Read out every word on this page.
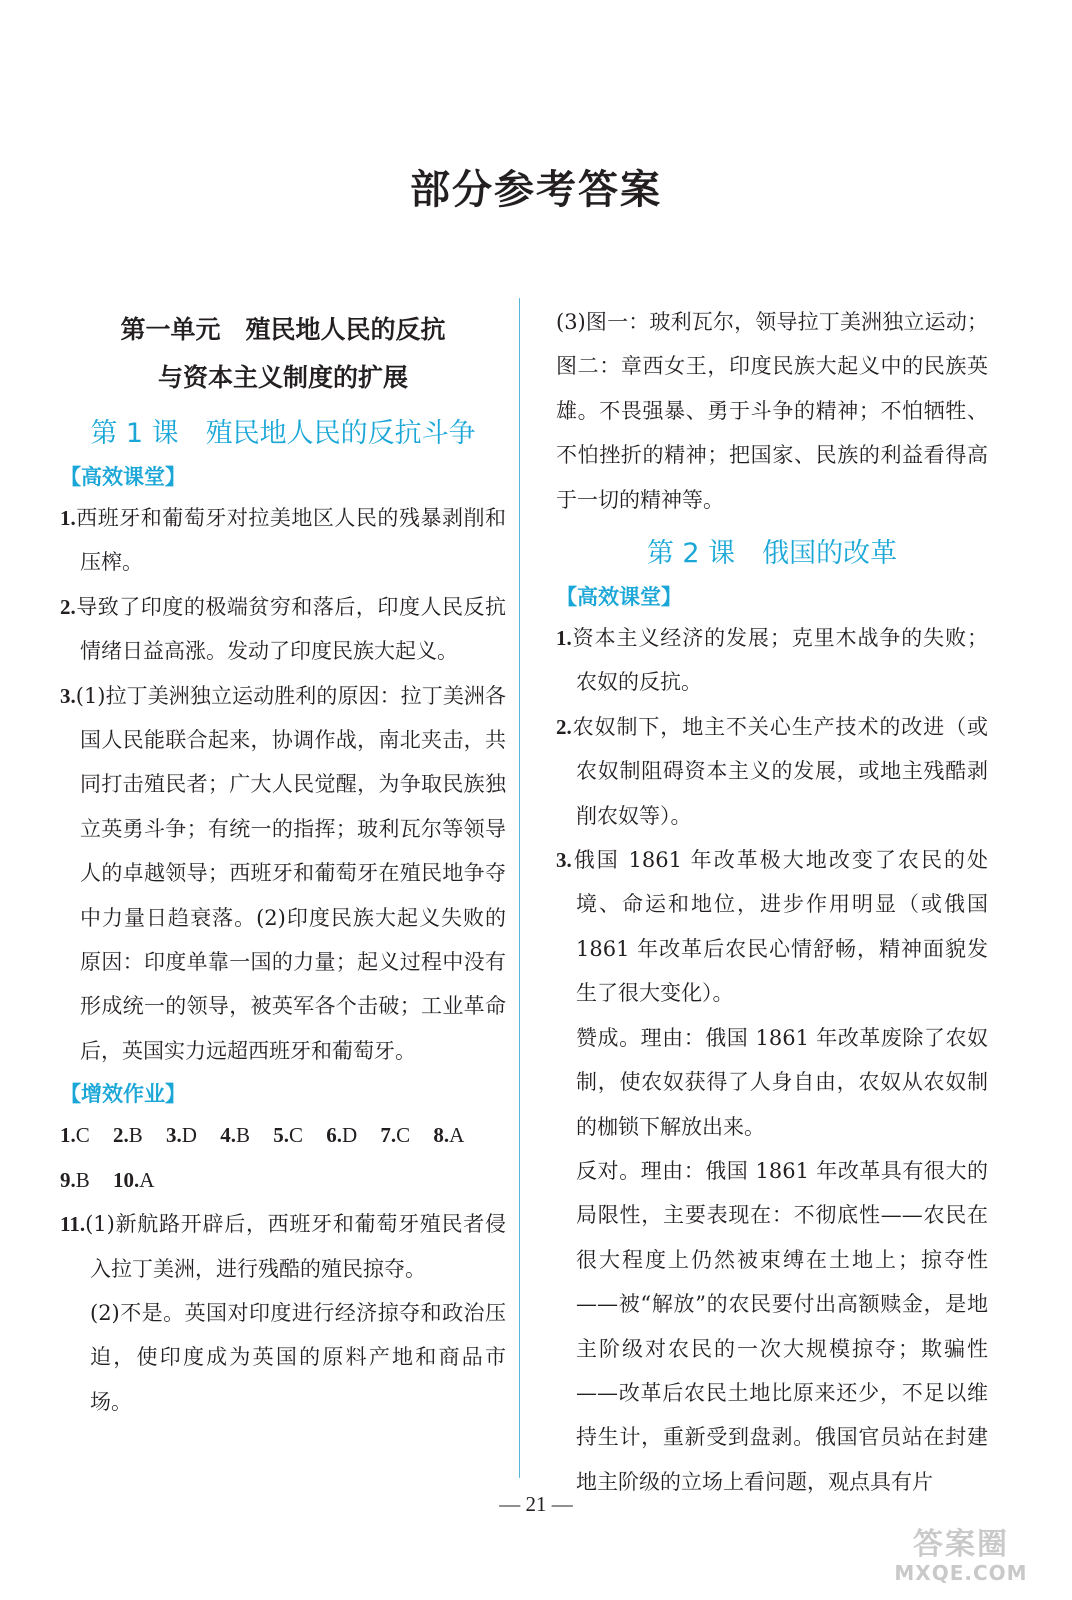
部分参考答案
第一单元　殖民地人民的反抗
与资本主义制度的扩展
第 1 课　殖民地人民的反抗斗争
【高效课堂】

1.西班牙和葡萄牙对拉美地区人民的残暴剥削和压榨。

2.导致了印度的极端贫穷和落后，印度人民反抗情绪日益高涨。发动了印度民族大起义。

3.(1)拉丁美洲独立运动胜利的原因：拉丁美洲各国人民能联合起来，协调作战，南北夹击，共同打击殖民者；广大人民觉醒，为争取民族独立英勇斗争；有统一的指挥；玻利瓦尔等领导人的卓越领导；西班牙和葡萄牙在殖民地争夺中力量日趋衰落。(2)印度民族大起义失败的原因：印度单靠一国的力量；起义过程中没有形成统一的领导，被英军各个击破；工业革命后，英国实力远超西班牙和葡萄牙。

【增效作业】

1.C 2.B 3.D 4.B 5.C 6.D 7.C 8.A

9.B 10.A

11.(1)新航路开辟后，西班牙和葡萄牙殖民者侵入拉丁美洲，进行残酷的殖民掠夺。

(2)不是。英国对印度进行经济掠夺和政治压迫，使印度成为英国的原料产地和商品市场。

(3)图一：玻利瓦尔，领导拉丁美洲独立运动；图二：章西女王，印度民族大起义中的民族英雄。不畏强暴、勇于斗争的精神；不怕牺牲、不怕挫折的精神；把国家、民族的利益看得高于一切的精神等。

第 2 课　俄国的改革
【高效课堂】

1.资本主义经济的发展；克里木战争的失败；农奴的反抗。

2.农奴制下，地主不关心生产技术的改进（或农奴制阻碍资本主义的发展，或地主残酷剥削农奴等）。

3.俄国 1861 年改革极大地改变了农民的处境、命运和地位，进步作用明显（或俄国 1861 年改革后农民心情舒畅，精神面貌发生了很大变化）。

赞成。理由：俄国 1861 年改革废除了农奴制，使农奴获得了人身自由，农奴从农奴制的枷锁下解放出来。

反对。理由：俄国 1861 年改革具有很大的局限性，主要表现在：不彻底性——农民在很大程度上仍然被束缚在土地上；掠夺性——被“解放”的农民要付出高额赎金，是地主阶级对农民的一次大规模掠夺；欺骗性——改革后农民土地比原来还少，不足以维持生计，重新受到盘剥。俄国官员站在封建地主阶级的立场上看问题，观点具有片

— 21 —
答案圈
MXQE.COM
